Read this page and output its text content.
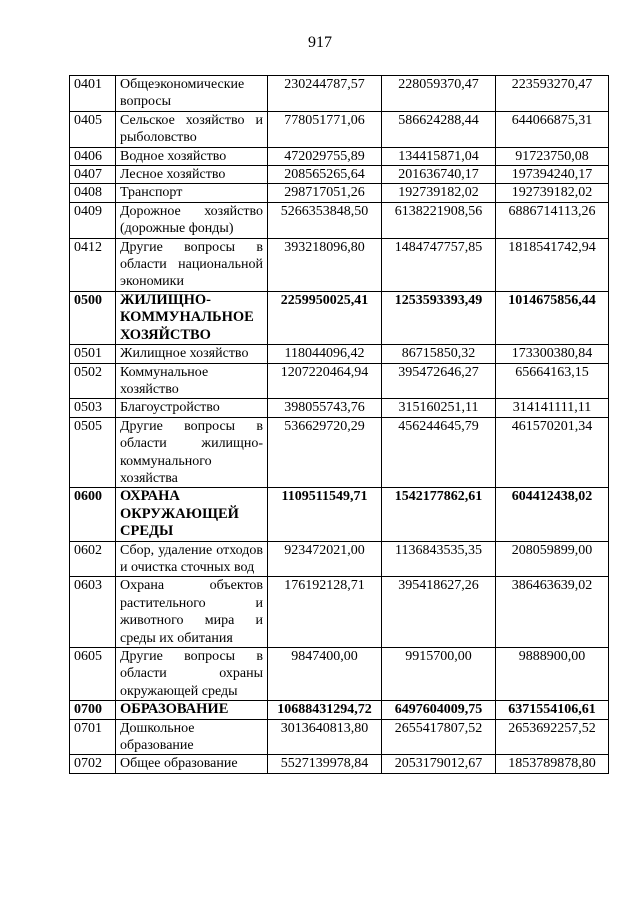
917
0401	Общеэкономические вопросы	230244787,57	228059370,47	223593270,47
0405	Сельское хозяйство и рыболовство	778051771,06	586624288,44	644066875,31
0406	Водное хозяйство	472029755,89	134415871,04	91723750,08
0407	Лесное хозяйство	208565265,64	201636740,17	197394240,17
0408	Транспорт	298717051,26	192739182,02	192739182,02
0409	Дорожное хозяйство (дорожные фонды)	5266353848,50	6138221908,56	6886714113,26
0412	Другие вопросы в области национальной экономики	393218096,80	1484747757,85	1818541742,94
0500	ЖИЛИЩНО-КОММУНАЛЬНОЕ ХОЗЯЙСТВО	2259950025,41	1253593393,49	1014675856,44
0501	Жилищное хозяйство	118044096,42	86715850,32	173300380,84
0502	Коммунальное хозяйство	1207220464,94	395472646,27	65664163,15
0503	Благоустройство	398055743,76	315160251,11	314141111,11
0505	Другие вопросы в области жилищно-коммунального хозяйства	536629720,29	456244645,79	461570201,34
0600	ОХРАНА ОКРУЖАЮЩЕЙ СРЕДЫ	1109511549,71	1542177862,61	604412438,02
0602	Сбор, удаление отходов и очистка сточных вод	923472021,00	1136843535,35	208059899,00
0603	Охрана объектов растительного и животного мира и среды их обитания	176192128,71	395418627,26	386463639,02
0605	Другие вопросы в области охраны окружающей среды	9847400,00	9915700,00	9888900,00
0700	ОБРАЗОВАНИЕ	10688431294,72	6497604009,75	6371554106,61
0701	Дошкольное образование	3013640813,80	2655417807,52	2653692257,52
0702	Общее образование	5527139978,84	2053179012,67	1853789878,80
